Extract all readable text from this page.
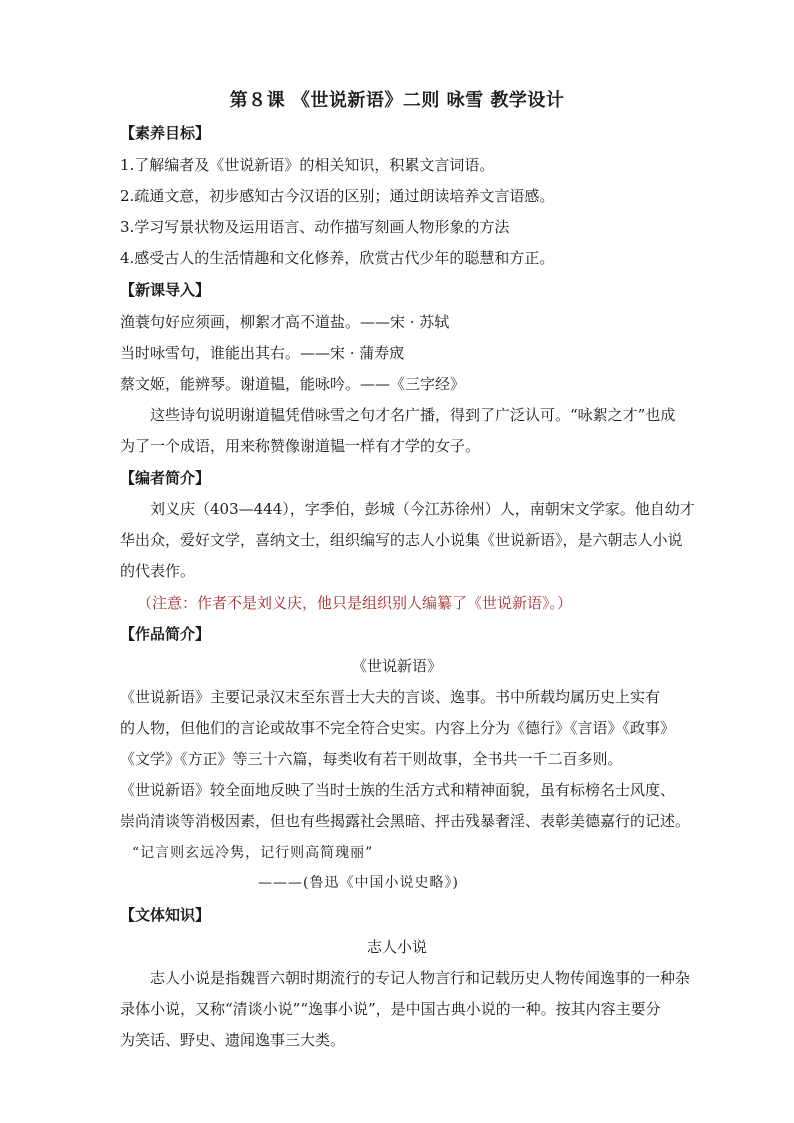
第８课 《世说新语》二则 咏雪 教学设计
【素养目标】
1.了解编者及《世说新语》的相关知识，积累文言词语。
2.疏通文意，初步感知古今汉语的区别；通过朗读培养文言语感。
3.学习写景状物及运用语言、动作描写刻画人物形象的方法
4.感受古人的生活情趣和文化修养，欣赏古代少年的聪慧和方正。
【新课导入】
渔蓑句好应须画，柳絮才高不道盐。——宋 · 苏轼
当时咏雪句，谁能出其右。——宋 · 蒲寿宬
蔡文姬，能辨琴。谢道韫，能咏吟。——《三字经》
这些诗句说明谢道韫凭借咏雪之句才名广播，得到了广泛认可。“咏絮之才”也成
为了一个成语，用来称赞像谢道韫一样有才学的女子。
【编者简介】
刘义庆（403—444），字季伯，彭城（今江苏徐州）人，南朝宋文学家。他自幼才
华出众，爱好文学，喜纳文士，组织编写的志人小说集《世说新语》，是六朝志人小说
的代表作。
（注意：作者不是刘义庆，他只是组织别人编纂了《世说新语》。）
【作品简介】
《世说新语》
《世说新语》主要记录汉末至东晋士大夫的言谈、逸事。书中所载均属历史上实有
的人物，但他们的言论或故事不完全符合史实。内容上分为《德行》《言语》《政事》
《文学》《方正》等三十六篇，每类收有若干则故事，全书共一千二百多则。
《世说新语》较全面地反映了当时士族的生活方式和精神面貌，虽有标榜名士风度、
崇尚清谈等消极因素，但也有些揭露社会黑暗、抨击残暴奢淫、表彰美德嘉行的记述。
“记言则玄远冷隽，记行则高简瑰丽”
———(鲁迅《中国小说史略》)
【文体知识】
志人小说
志人小说是指魏晋六朝时期流行的专记人物言行和记载历史人物传闻逸事的一种杂
录体小说，又称“清谈小说”“逸事小说”，是中国古典小说的一种。按其内容主要分
为笑话、野史、遗闻逸事三大类。
